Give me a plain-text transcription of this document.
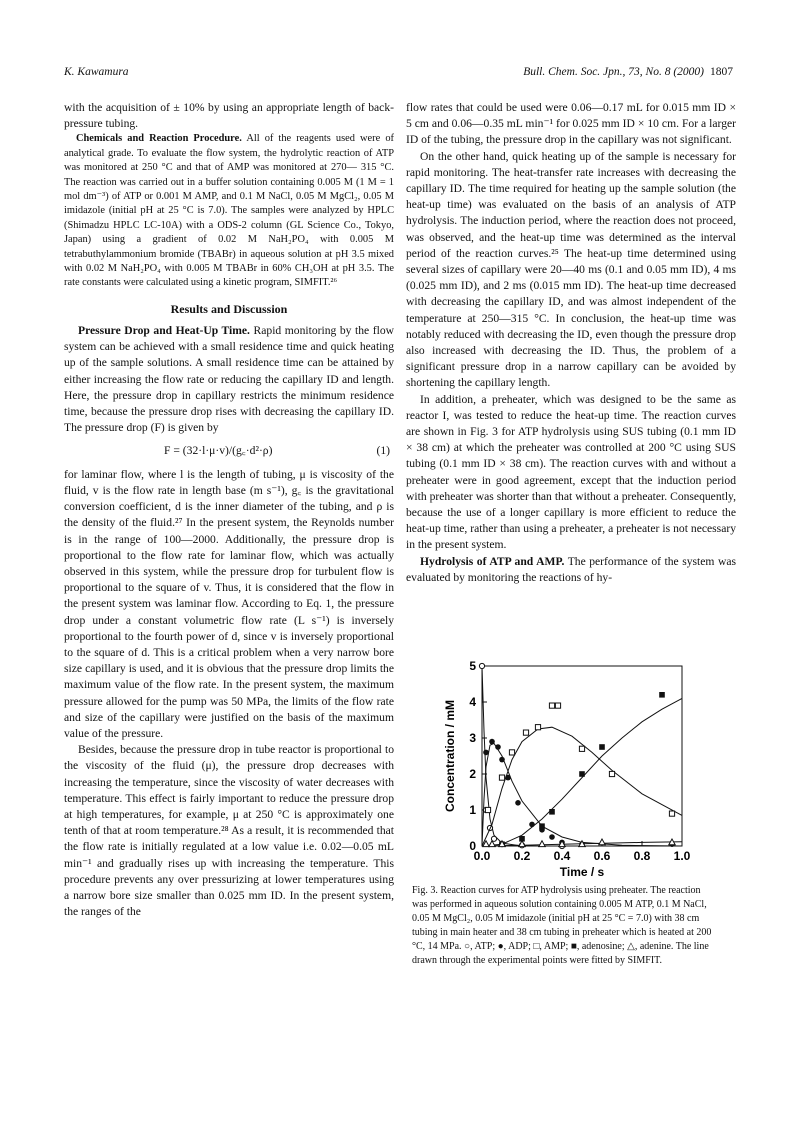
K. Kawamura	Bull. Chem. Soc. Jpn., 73, No. 8 (2000) 1807

with the acquisition of ± 10% by using an appropriate length of back-pressure tubing.

Chemicals and Reaction Procedure. All of the reagents used were of analytical grade. To evaluate the flow system, the hydrolytic reaction of ATP was monitored at 250 °C and that of AMP was monitored at 270— 315 °C. The reaction was carried out in a buffer solution containing 0.005 M (1 M = 1 mol dm⁻³) of ATP or 0.001 M AMP, and 0.1 M NaCl, 0.05 M MgCl₂, 0.05 M imidazole (initial pH at 25 °C is 7.0). The samples were analyzed by HPLC (Shimadzu HPLC LC-10A) with a ODS-2 column (GL Science Co., Tokyo, Japan) using a gradient of 0.02 M NaH₂PO₄ with 0.005 M tetrabuthylammonium bromide (TBABr) in aqueous solution at pH 3.5 mixed with 0.02 M NaH₂PO₄ with 0.005 M TBABr in 60% CH₃OH at pH 3.5. The rate constants were calculated using a kinetic program, SIMFIT.²⁶

Results and Discussion

Pressure Drop and Heat-Up Time. Rapid monitoring by the flow system can be achieved with a small residence time and quick heating up of the sample solutions. A small residence time can be attained by either increasing the flow rate or reducing the capillary ID and length. Here, the pressure drop in capillary restricts the minimum residence time, because the pressure drop rises with decreasing the capillary ID. The pressure drop (F) is given by

F = (32·l·μ·v)/(g꜀·d²·ρ)	(1)

for laminar flow, where l is the length of tubing, μ is viscosity of the fluid, v is the flow rate in length base (m s⁻¹), g꜀ is the gravitational conversion coefficient, d is the inner diameter of the tubing, and ρ is the density of the fluid.²⁷ In the present system, the Reynolds number is in the range of 100—2000. Additionally, the pressure drop is proportional to the flow rate for laminar flow, which was actually observed in this system, while the pressure drop for turbulent flow is proportional to the square of v. Thus, it is considered that the flow in the present system was laminar flow. According to Eq. 1, the pressure drop under a constant volumetric flow rate (L s⁻¹) is inversely proportional to the fourth power of d, since v is inversely proportional to the square of d. This is a critical problem when a very narrow bore size capillary is used, and it is obvious that the pressure drop limits the maximum value of the flow rate. In the present system, the maximum pressure allowed for the pump was 50 MPa, the limits of the flow rate and size of the capillary were justified on the basis of the maximum value of the pressure.

Besides, because the pressure drop in tube reactor is proportional to the viscosity of the fluid (μ), the pressure drop decreases with increasing the temperature, since the viscosity of water decreases with temperature. This effect is fairly important to reduce the pressure drop at high temperatures, for example, μ at 250 °C is approximately one tenth of that at room temperature.²⁸ As a result, it is recommended that the flow rate is initially regulated at a low value i.e. 0.02—0.05 mL min⁻¹ and gradually rises up with increasing the temperature. This procedure prevents any over pressurizing at lower temperatures using a narrow bore size smaller than 0.025 mm ID. In the present system, the ranges of the

flow rates that could be used were 0.06—0.17 mL for 0.015 mm ID × 5 cm and 0.06—0.35 mL min⁻¹ for 0.025 mm ID × 10 cm. For a larger ID of the tubing, the pressure drop in the capillary was not significant.

On the other hand, quick heating up of the sample is necessary for rapid monitoring. The heat-transfer rate increases with decreasing the capillary ID. The time required for heating up the sample solution (the heat-up time) was evaluated on the basis of an analysis of ATP hydrolysis. The induction period, where the reaction does not proceed, was observed, and the heat-up time was determined as the interval period of the reaction curves.²⁵ The heat-up time determined using several sizes of capillary were 20—40 ms (0.1 and 0.05 mm ID), 4 ms (0.025 mm ID), and 2 ms (0.015 mm ID). The heat-up time decreased with decreasing the capillary ID, and was almost independent of the temperature at 250—315 °C. In conclusion, the heat-up time was notably reduced with decreasing the ID, even though the pressure drop also increased with decreasing the ID. Thus, the problem of a significant pressure drop in a narrow capillary can be avoided by shortening the capillary length.

In addition, a preheater, which was designed to be the same as reactor I, was tested to reduce the heat-up time. The reaction curves are shown in Fig. 3 for ATP hydrolysis using SUS tubing (0.1 mm ID × 38 cm) at which the preheater was controlled at 200 °C using SUS tubing (0.1 mm ID × 38 cm). The reaction curves with and without a preheater were in good agreement, except that the induction period with preheater was shorter than that without a preheater. Consequently, because the use of a longer capillary is more efficient to reduce the heat-up time, rather than using a preheater, a preheater is not necessary in the present system.

Hydrolysis of ATP and AMP. The performance of the system was evaluated by monitoring the reactions of hy-

0.0 0.2 0.4 0.6 0.8 1.0
0
1
2
3
4
5
Time / s
Concentration / mM
Fig. 3. Reaction curves for ATP hydrolysis using preheater. The reaction was performed in aqueous solution containing 0.005 M ATP, 0.1 M NaCl, 0.05 M MgCl₂, 0.05 M imidazole (initial pH at 25 °C = 7.0) with 38 cm tubing in main heater and 38 cm tubing in preheater which is heated at 200 °C, 14 MPa. ○, ATP; ●, ADP; □, AMP; ■, adenosine; △, adenine. The line drawn through the experimental points were fitted by SIMFIT.
